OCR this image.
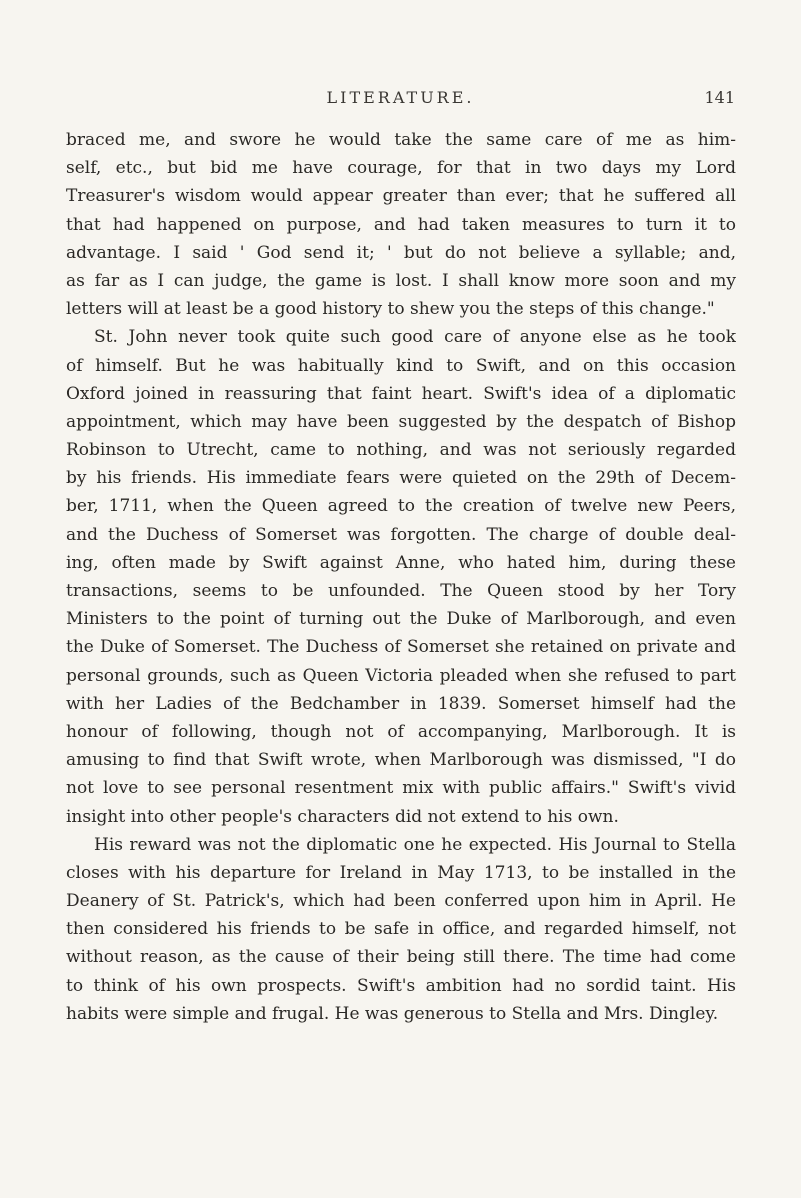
LITERATURE.	141
braced me, and swore he would take the same care of me as him-
self, etc., but bid me have courage, for that in two days my Lord
Treasurer's wisdom would appear greater than ever; that he suffered all
that had happened on purpose, and had taken measures to turn it to
advantage. I said ' God send it; ' but do not believe a syllable; and,
as far as I can judge, the game is lost. I shall know more soon and my
letters will at least be a good history to shew you the steps of this change."
St. John never took quite such good care of anyone else as he took
of himself. But he was habitually kind to Swift, and on this occasion
Oxford joined in reassuring that faint heart. Swift's idea of a diplomatic
appointment, which may have been suggested by the despatch of Bishop
Robinson to Utrecht, came to nothing, and was not seriously regarded
by his friends. His immediate fears were quieted on the 29th of Decem-
ber, 1711, when the Queen agreed to the creation of twelve new Peers,
and the Duchess of Somerset was forgotten. The charge of double deal-
ing, often made by Swift against Anne, who hated him, during these
transactions, seems to be unfounded. The Queen stood by her Tory
Ministers to the point of turning out the Duke of Marlborough, and even
the Duke of Somerset. The Duchess of Somerset she retained on private and
personal grounds, such as Queen Victoria pleaded when she refused to part
with her Ladies of the Bedchamber in 1839. Somerset himself had the
honour of following, though not of accompanying, Marlborough. It is
amusing to find that Swift wrote, when Marlborough was dismissed, "I do
not love to see personal resentment mix with public affairs." Swift's vivid
insight into other people's characters did not extend to his own.
His reward was not the diplomatic one he expected. His Journal to Stella
closes with his departure for Ireland in May 1713, to be installed in the
Deanery of St. Patrick's, which had been conferred upon him in April. He
then considered his friends to be safe in office, and regarded himself, not
without reason, as the cause of their being still there. The time had come
to think of his own prospects. Swift's ambition had no sordid taint. His
habits were simple and frugal. He was generous to Stella and Mrs. Dingley.
